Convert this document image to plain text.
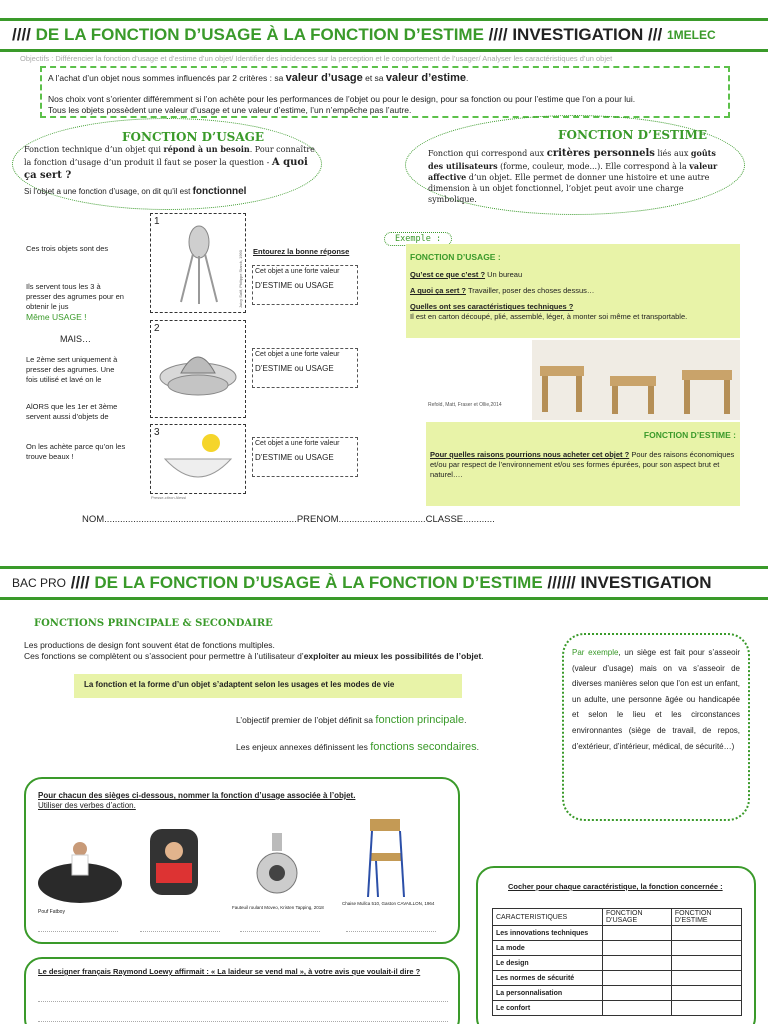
////
DE LA FONCTION D’USAGE À LA FONCTION D’ESTIME
////
INVESTIGATION
///
1MELEC
Objectifs : Différencier la fonction d’usage et d’estime d’un objet/ Identifier des incidences sur la perception et le comportement de l’usager/ Analyser les caractéristiques d’un objet
A l’achat d’un objet nous sommes influencés par 2 critères : sa valeur d’usage et sa valeur d’estime.
Nos choix vont s’orienter différemment si l’on achète pour les performances de l’objet ou pour le design, pour sa fonction ou pour l’estime que l’on a pour lui.
Tous les objets possèdent une valeur d’usage et une valeur d’estime, l’un n’empêche pas l’autre.
FONCTION D’USAGE
Fonction technique d’un objet qui répond à un besoin. Pour connaître la fonction d’usage d’un produit il faut se poser la question - A quoi ça sert ?
Si l’objet a une fonction d’usage, on dit qu’il est fonctionnel
FONCTION D’ESTIME
Fonction qui correspond aux critères personnels liés aux goûts des utilisateurs (forme, couleur, mode...). Elle correspond à la valeur affective d’un objet. Elle permet de donner une histoire et une autre dimension à un objet fonctionnel, l’objet peut avoir une charge symbolique.
Ces trois objets sont des
Ils servent tous les 3 à presser des agrumes pour en obtenir le jus
Même USAGE !
MAIS…
Le 2ème sert uniquement à presser des agrumes. Une fois utilisé et lavé on le
AlORS que les 1er et 3ème servent aussi d’objets de
On les achète parce qu’on les trouve beaux !
1
Juicy Salif, Philippe Starck, 1990
2
3
Presse-citron Alessi
Entourez la bonne réponse
Cet objet a une forte valeur
D’ESTIME ou USAGE
Cet objet a une forte valeur
D’ESTIME ou USAGE
Cet objet a une forte valeur
D’ESTIME ou USAGE
Exemple :
FONCTION D’USAGE :
Qu’est ce que c’est ? Un bureau
A quoi ça sert ? Travailler, poser des choses dessus…
Quelles ont ses caractéristiques techniques ?
Il est en carton découpé, plié, assemblé, léger, à monter soi même et transportable.
Refold, Matt, Fraser et Ollie,2014
FONCTION D’ESTIME :
Pour quelles raisons pourrions nous acheter cet objet ? Pour des raisons économiques et/ou par respect de l’environnement et/ou ses formes épurées, pour son aspect brut et naturel….
NOM.........................................................................PRENOM.................................CLASSE............
BAC PRO
////
DE LA FONCTION D’USAGE À LA FONCTION D’ESTIME
//////
INVESTIGATION
FONCTIONS PRINCIPALE & SECONDAIRE
Les productions de design font souvent état de fonctions multiples.
Ces fonctions se complètent ou s’associent pour permettre à l’utilisateur d’exploiter au mieux les possibilités de l’objet.
La fonction et la forme d’un objet s’adaptent selon les usages et les modes de vie
L’objectif premier de l’objet définit sa fonction principale.
Les enjeux annexes définissent les fonctions secondaires.
Par exemple, un siège est fait pour s’asseoir (valeur d’usage) mais on va s’asseoir de diverses manières selon que l’on est un enfant, un adulte, une personne âgée ou handicapée et selon le lieu et les circonstances environnantes (siège de travail, de repos, d’extérieur, d’intérieur, médical, de sécurité…)
Pour chacun des sièges ci-dessous, nommer la fonction d’usage associée à l’objet.
Utiliser des verbes d’action.
Pouf Fatboy
Fauteuil roulant Moveo, Kristen Tapping, 2018
Chaise Mullca 510, Gaston CAVAILLON, 1964
Le designer français Raymond Loewy affirmait : « La laideur se vend mal », à votre avis que voulait-il dire ?
Cocher pour chaque caractéristique, la fonction concernée :
CARACTERISTIQUES	FONCTION D’USAGE	FONCTION D’ESTIME
Les innovations techniques		
La mode		
Le design		
Les normes de sécurité		
La personnalisation		
Le confort		
